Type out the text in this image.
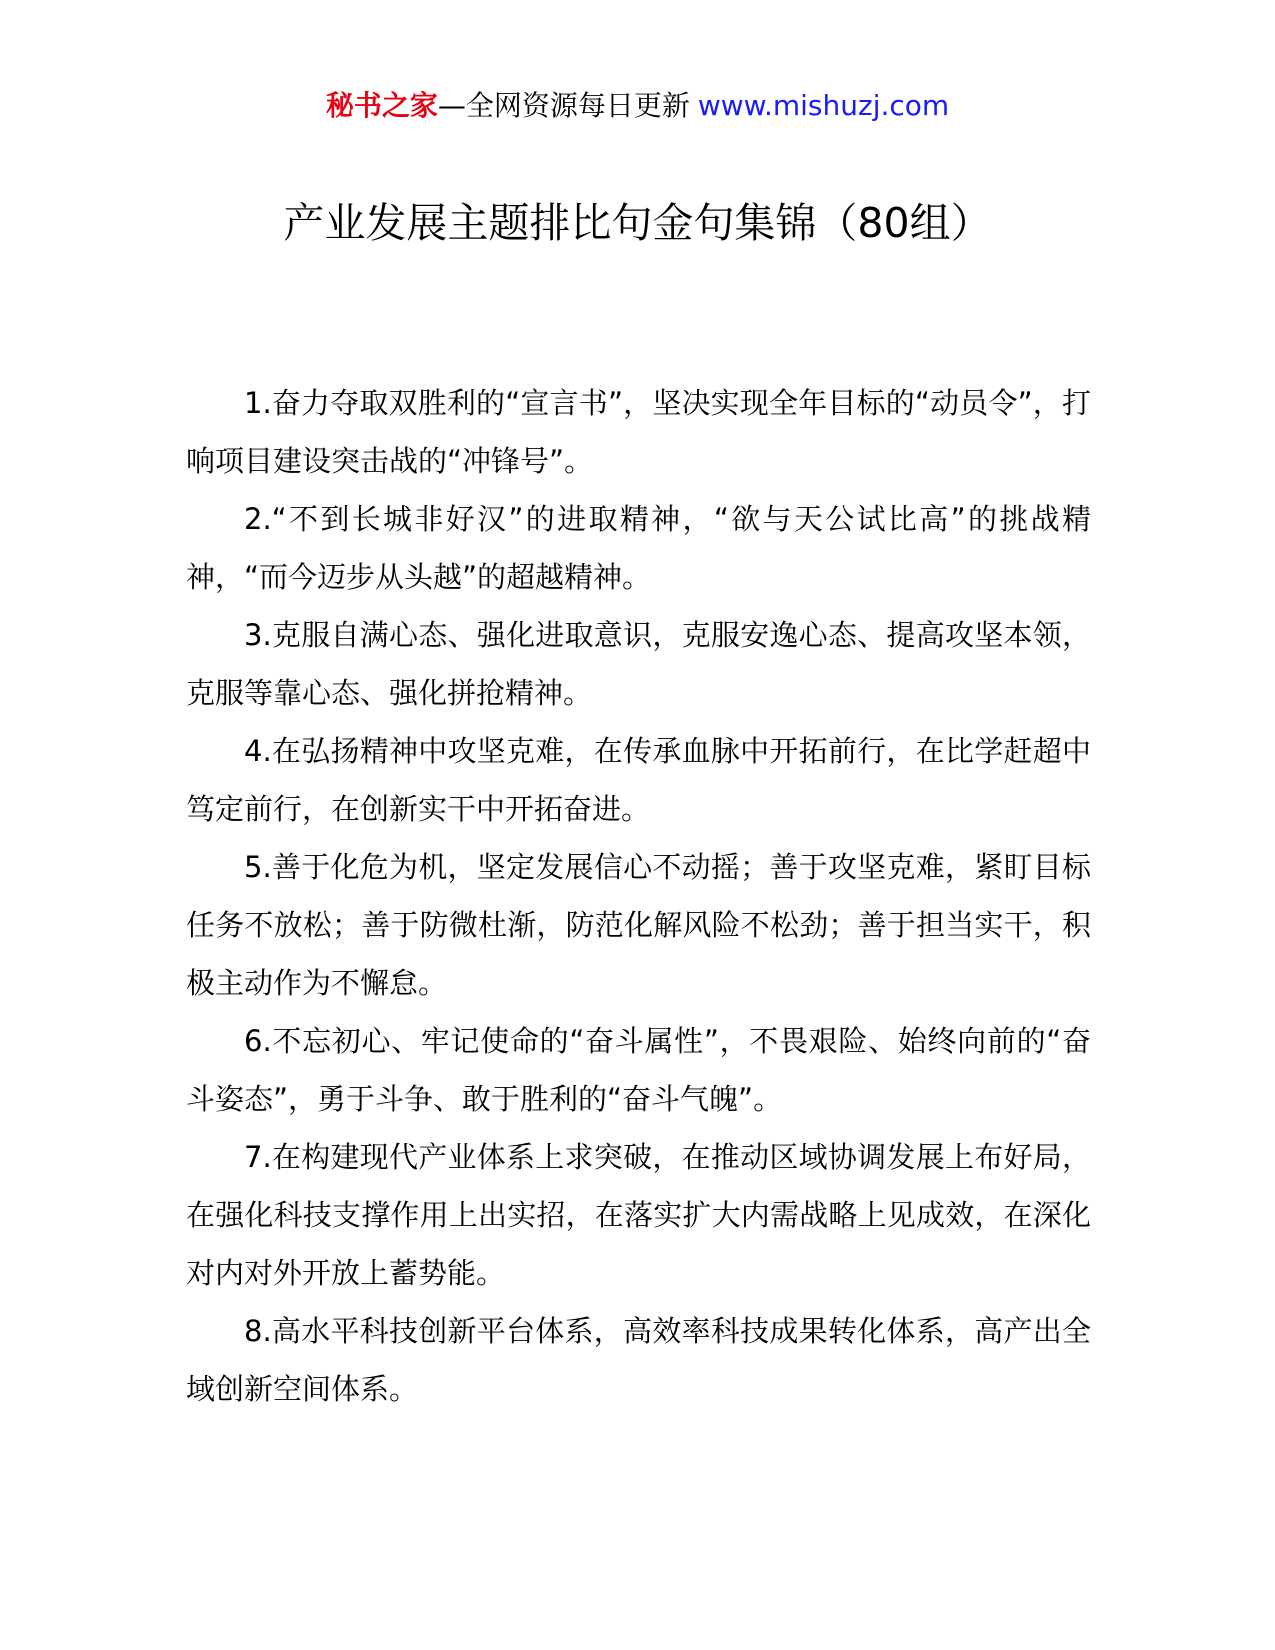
秘书之家—全网资源每日更新 www.mishuzj.com
产业发展主题排比句金句集锦（80组）

1.奋力夺取双胜利的“宣言书”，坚决实现全年目标的“动员令”，打响项目建设突击战的“冲锋号”。

2.“不到长城非好汉”的进取精神，“欲与天公试比高”的挑战精神，“而今迈步从头越”的超越精神。

3.克服自满心态、强化进取意识，克服安逸心态、提高攻坚本领，克服等靠心态、强化拼抢精神。

4.在弘扬精神中攻坚克难，在传承血脉中开拓前行，在比学赶超中笃定前行，在创新实干中开拓奋进。

5.善于化危为机，坚定发展信心不动摇；善于攻坚克难，紧盯目标任务不放松；善于防微杜渐，防范化解风险不松劲；善于担当实干，积极主动作为不懈怠。

6.不忘初心、牢记使命的“奋斗属性”，不畏艰险、始终向前的“奋斗姿态”，勇于斗争、敢于胜利的“奋斗气魄”。

7.在构建现代产业体系上求突破，在推动区域协调发展上布好局，在强化科技支撑作用上出实招，在落实扩大内需战略上见成效，在深化对内对外开放上蓄势能。

8.高水平科技创新平台体系，高效率科技成果转化体系，高产出全域创新空间体系。
